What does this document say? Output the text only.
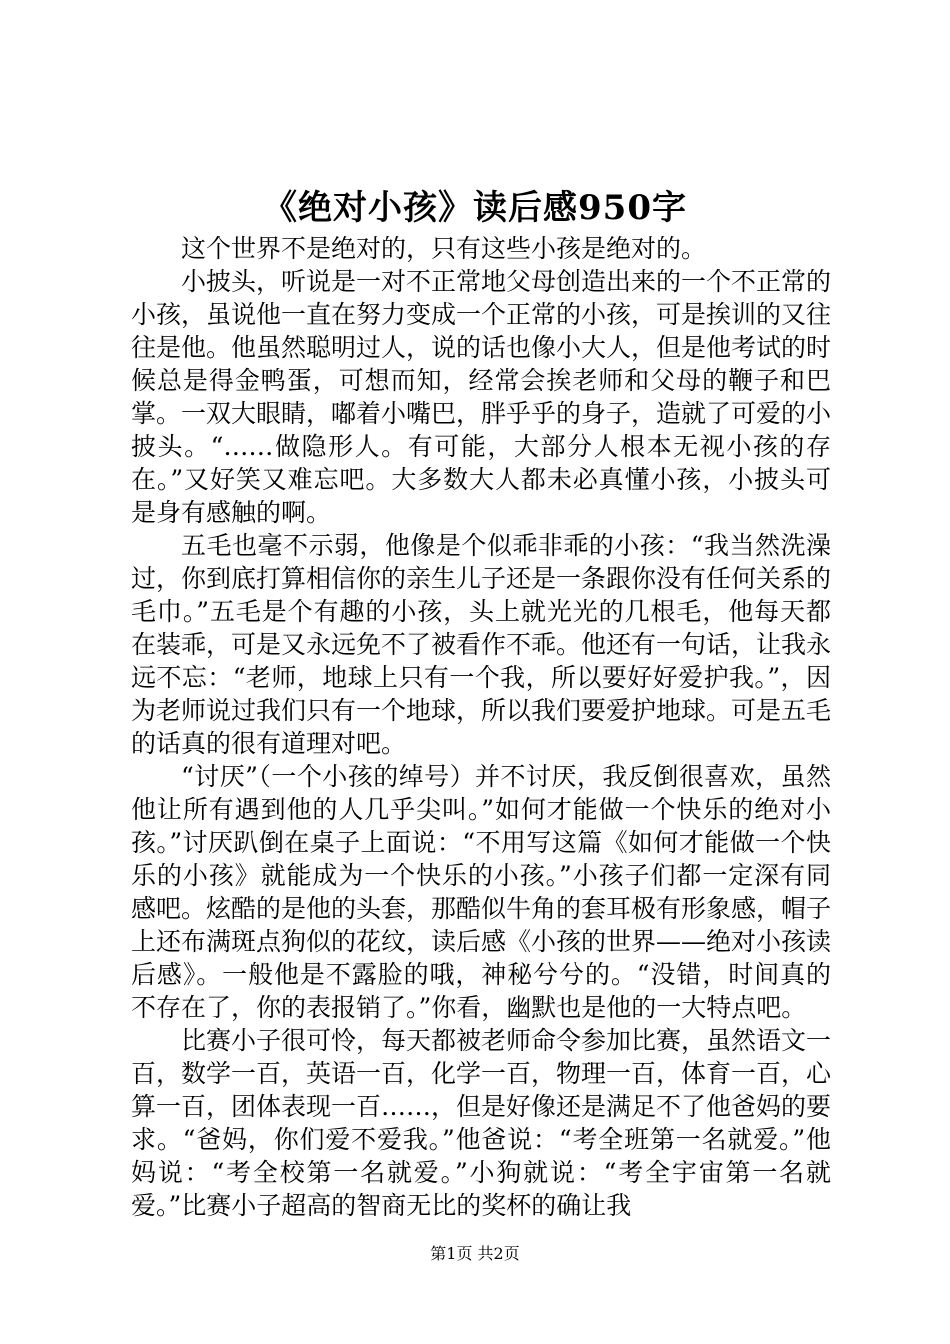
《绝对小孩》读后感950字

这个世界不是绝对的，只有这些小孩是绝对的。

小披头，听说是一对不正常地父母创造出来的一个不正常的小孩，虽说他一直在努力变成一个正常的小孩，可是挨训的又往往是他。他虽然聪明过人，说的话也像小大人，但是他考试的时候总是得金鸭蛋，可想而知，经常会挨老师和父母的鞭子和巴掌。一双大眼睛，嘟着小嘴巴，胖乎乎的身子，造就了可爱的小披头。“……做隐形人。有可能，大部分人根本无视小孩的存在。”又好笑又难忘吧。大多数大人都未必真懂小孩，小披头可是身有感触的啊。

五毛也毫不示弱，他像是个似乖非乖的小孩：“我当然洗澡过，你到底打算相信你的亲生儿子还是一条跟你没有任何关系的毛巾。”五毛是个有趣的小孩，头上就光光的几根毛，他每天都在装乖，可是又永远免不了被看作不乖。他还有一句话，让我永远不忘：“老师，地球上只有一个我，所以要好好爱护我。”，因为老师说过我们只有一个地球，所以我们要爱护地球。可是五毛的话真的很有道理对吧。

“讨厌”（一个小孩的绰号）并不讨厌，我反倒很喜欢，虽然他让所有遇到他的人几乎尖叫。”如何才能做一个快乐的绝对小孩。”讨厌趴倒在桌子上面说：“不用写这篇《如何才能做一个快乐的小孩》就能成为一个快乐的小孩。”小孩子们都一定深有同感吧。炫酷的是他的头套，那酷似牛角的套耳极有形象感，帽子上还布满斑点狗似的花纹，读后感《小孩的世界——绝对小孩读后感》。一般他是不露脸的哦，神秘兮兮的。“没错，时间真的不存在了，你的表报销了。”你看，幽默也是他的一大特点吧。

比赛小子很可怜，每天都被老师命令参加比赛，虽然语文一百，数学一百，英语一百，化学一百，物理一百，体育一百，心算一百，团体表现一百……，但是好像还是满足不了他爸妈的要求。“爸妈，你们爱不爱我。”他爸说：“考全班第一名就爱。”他妈说：“考全校第一名就爱。”小狗就说：“考全宇宙第一名就爱。”比赛小子超高的智商无比的奖杯的确让我

第1页 共2页
